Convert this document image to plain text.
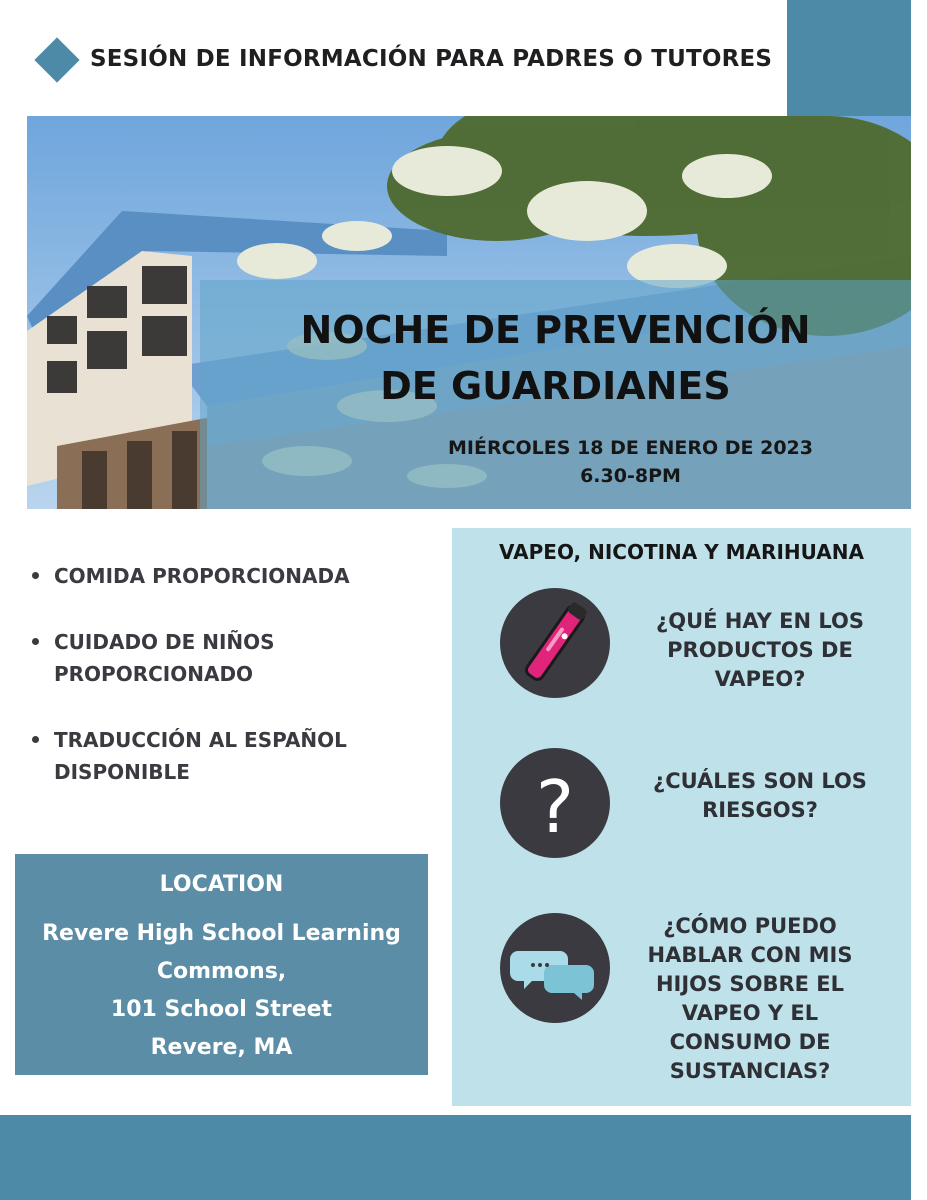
SESIÓN DE INFORMACIÓN PARA PADRES O TUTORES
NOCHE DE PREVENCIÓN
DE GUARDIANES
MIÉRCOLES 18 DE ENERO DE 2023
6.30-8PM
COMIDA PROPORCIONADA
CUIDADO DE NIÑOS
PROPORCIONADO
TRADUCCIÓN AL ESPAÑOL
DISPONIBLE
LOCATION
Revere High School Learning
Commons,
101 School Street
Revere, MA
VAPEO, NICOTINA Y MARIHUANA
¿QUÉ HAY EN LOS
PRODUCTOS DE
VAPEO?
?	¿CUÁLES SON LOS
RIESGOS?
¿CÓMO PUEDO
HABLAR CON MIS
HIJOS SOBRE EL
VAPEO Y EL
CONSUMO DE
SUSTANCIAS?
